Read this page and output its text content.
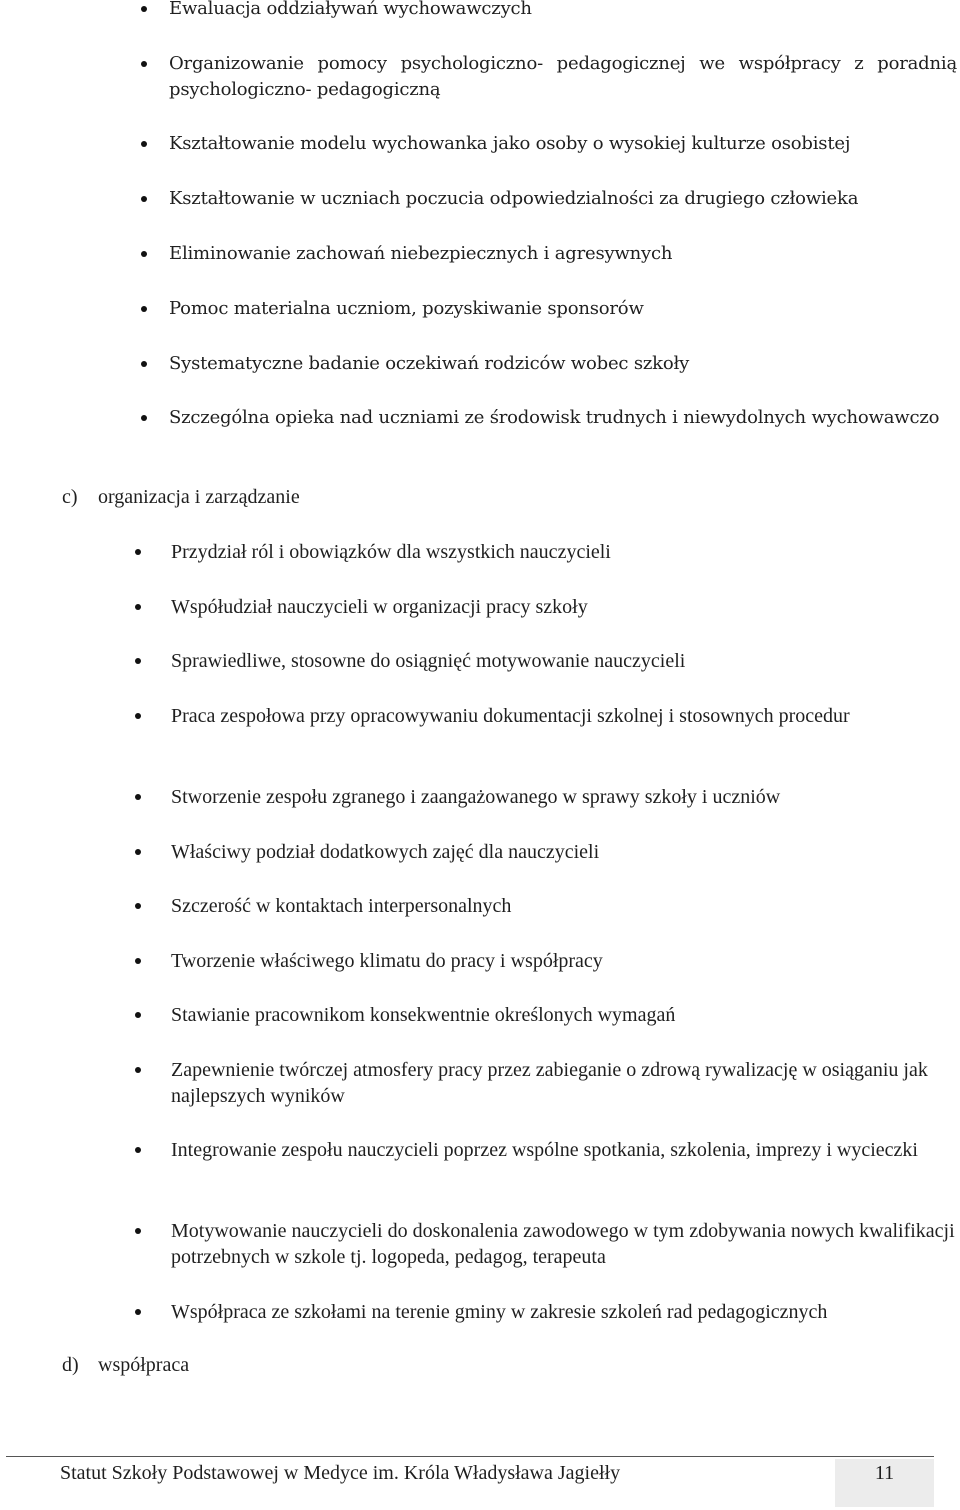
Ewaluacja oddziaływań wychowawczych
Organizowanie pomocy psychologiczno- pedagogicznej we współpracy z poradnią psychologiczno- pedagogiczną
Kształtowanie modelu wychowanka jako osoby o wysokiej kulturze osobistej
Kształtowanie w uczniach poczucia odpowiedzialności za drugiego człowieka
Eliminowanie zachowań niebezpiecznych i agresywnych
Pomoc materialna uczniom, pozyskiwanie sponsorów
Systematyczne badanie oczekiwań rodziców wobec szkoły
Szczególna opieka nad uczniami ze środowisk trudnych i niewydolnych wychowawczo
c) organizacja i zarządzanie
Przydział ról i obowiązków dla wszystkich nauczycieli
Współudział nauczycieli w organizacji pracy szkoły
Sprawiedliwe, stosowne do osiągnięć motywowanie nauczycieli
Praca zespołowa przy opracowywaniu dokumentacji szkolnej i stosownych procedur
Stworzenie zespołu zgranego i zaangażowanego w sprawy szkoły i uczniów
Właściwy podział dodatkowych zajęć dla nauczycieli
Szczerość w kontaktach interpersonalnych
Tworzenie właściwego klimatu do pracy i współpracy
Stawianie pracownikom konsekwentnie określonych wymagań
Zapewnienie twórczej atmosfery pracy przez zabieganie o zdrową rywalizację w osiąganiu jak najlepszych wyników
Integrowanie zespołu nauczycieli poprzez wspólne spotkania, szkolenia, imprezy i wycieczki
Motywowanie nauczycieli do doskonalenia zawodowego w tym zdobywania nowych kwalifikacji potrzebnych w szkole tj. logopeda, pedagog, terapeuta
Współpraca ze szkołami na terenie gminy w zakresie szkoleń rad pedagogicznych
d) współpraca
Statut Szkoły Podstawowej w Medyce im. Króla Władysława Jagiełły	11
